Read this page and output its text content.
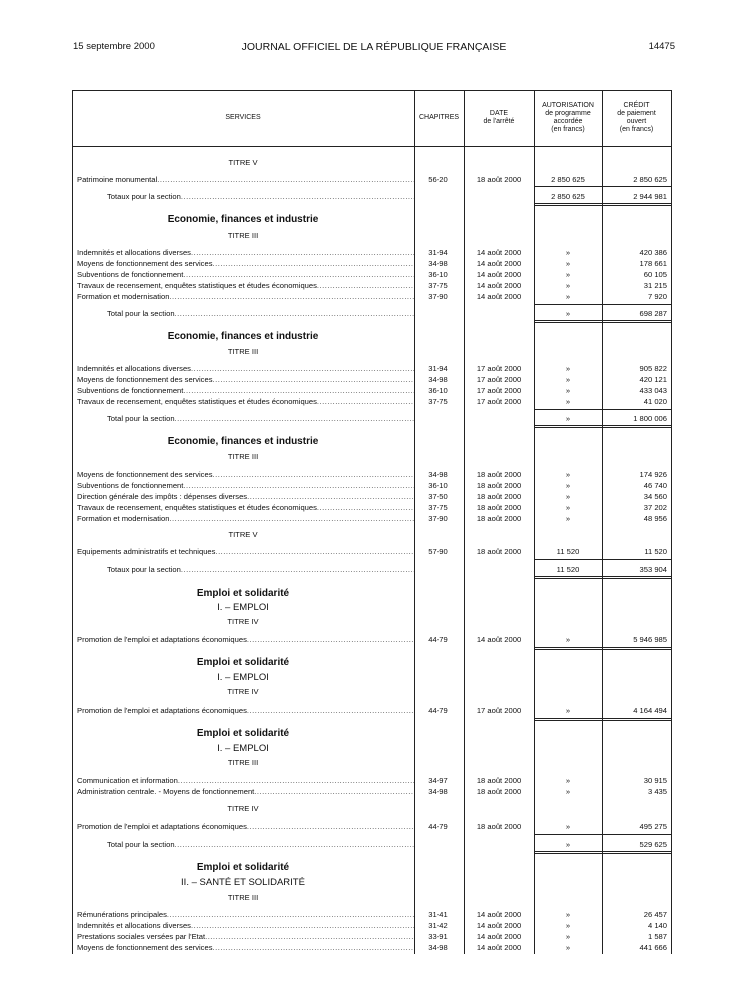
15 septembre 2000	JOURNAL OFFICIEL DE LA RÉPUBLIQUE FRANÇAISE	14475
SERVICES	CHAPITRES
DATE
de l'arrêté
AUTORISATION
de programme
accordée
(en francs)
CRÉDIT
de paiement
ouvert
(en francs)
TITRE V
Patrimoine monumental .....	56-20	18 août 2000	2 850 625	2 850 625
Totaux pour la section .....	2 850 625	2 944 981
Economie, finances et industrie
TITRE III
Indemnités et allocations diverses .....	31-94	14 août 2000	»	420 386
Moyens de fonctionnement des services .....	34-98	14 août 2000	»	178 661
Subventions de fonctionnement .....	36-10	14 août 2000	»	60 105
Travaux de recensement, enquêtes statistiques et études économiques .....	37-75	14 août 2000	»	31 215
Formation et modernisation .....	37-90	14 août 2000	»	7 920
Total pour la section .....	»	698 287
Economie, finances et industrie
TITRE III
Indemnités et allocations diverses .....	31-94	17 août 2000	»	905 822
Moyens de fonctionnement des services .....	34-98	17 août 2000	»	420 121
Subventions de fonctionnement .....	36-10	17 août 2000	»	433 043
Travaux de recensement, enquêtes statistiques et études économiques .....	37-75	17 août 2000	»	41 020
Total pour la section .....	»	1 800 006
Economie, finances et industrie
TITRE III
Moyens de fonctionnement des services .....	34-98	18 août 2000	»	174 926
Subventions de fonctionnement .....	36-10	18 août 2000	»	46 740
Direction générale des impôts : dépenses diverses .....	37-50	18 août 2000	»	34 560
Travaux de recensement, enquêtes statistiques et études économiques .....	37-75	18 août 2000	»	37 202
Formation et modernisation .....	37-90	18 août 2000	»	48 956
TITRE V
Equipements administratifs et techniques .....	57-90	18 août 2000	11 520	11 520
Totaux pour la section .....	11 520	353 904
Emploi et solidarité
I. – EMPLOI
TITRE IV
Promotion de l'emploi et adaptations économiques .....	44-79	14 août 2000	»	5 946 985
Emploi et solidarité
I. – EMPLOI
TITRE IV
Promotion de l'emploi et adaptations économiques .....	44-79	17 août 2000	»	4 164 494
Emploi et solidarité
I. – EMPLOI
TITRE III
Communication et information .....	34-97	18 août 2000	»	30 915
Administration centrale. - Moyens de fonctionnement .....	34-98	18 août 2000	»	3 435
TITRE IV
Promotion de l'emploi et adaptations économiques .....	44-79	18 août 2000	»	495 275
Total pour la section .....	»	529 625
Emploi et solidarité
II. – SANTÉ ET SOLIDARITÉ
TITRE III
Rémunérations principales .....	31-41	14 août 2000	»	26 457
Indemnités et allocations diverses .....	31-42	14 août 2000	»	4 140
Prestations sociales versées par l'Etat .....	33-91	14 août 2000	»	1 587
Moyens de fonctionnement des services .....	34-98	14 août 2000	»	441 666
